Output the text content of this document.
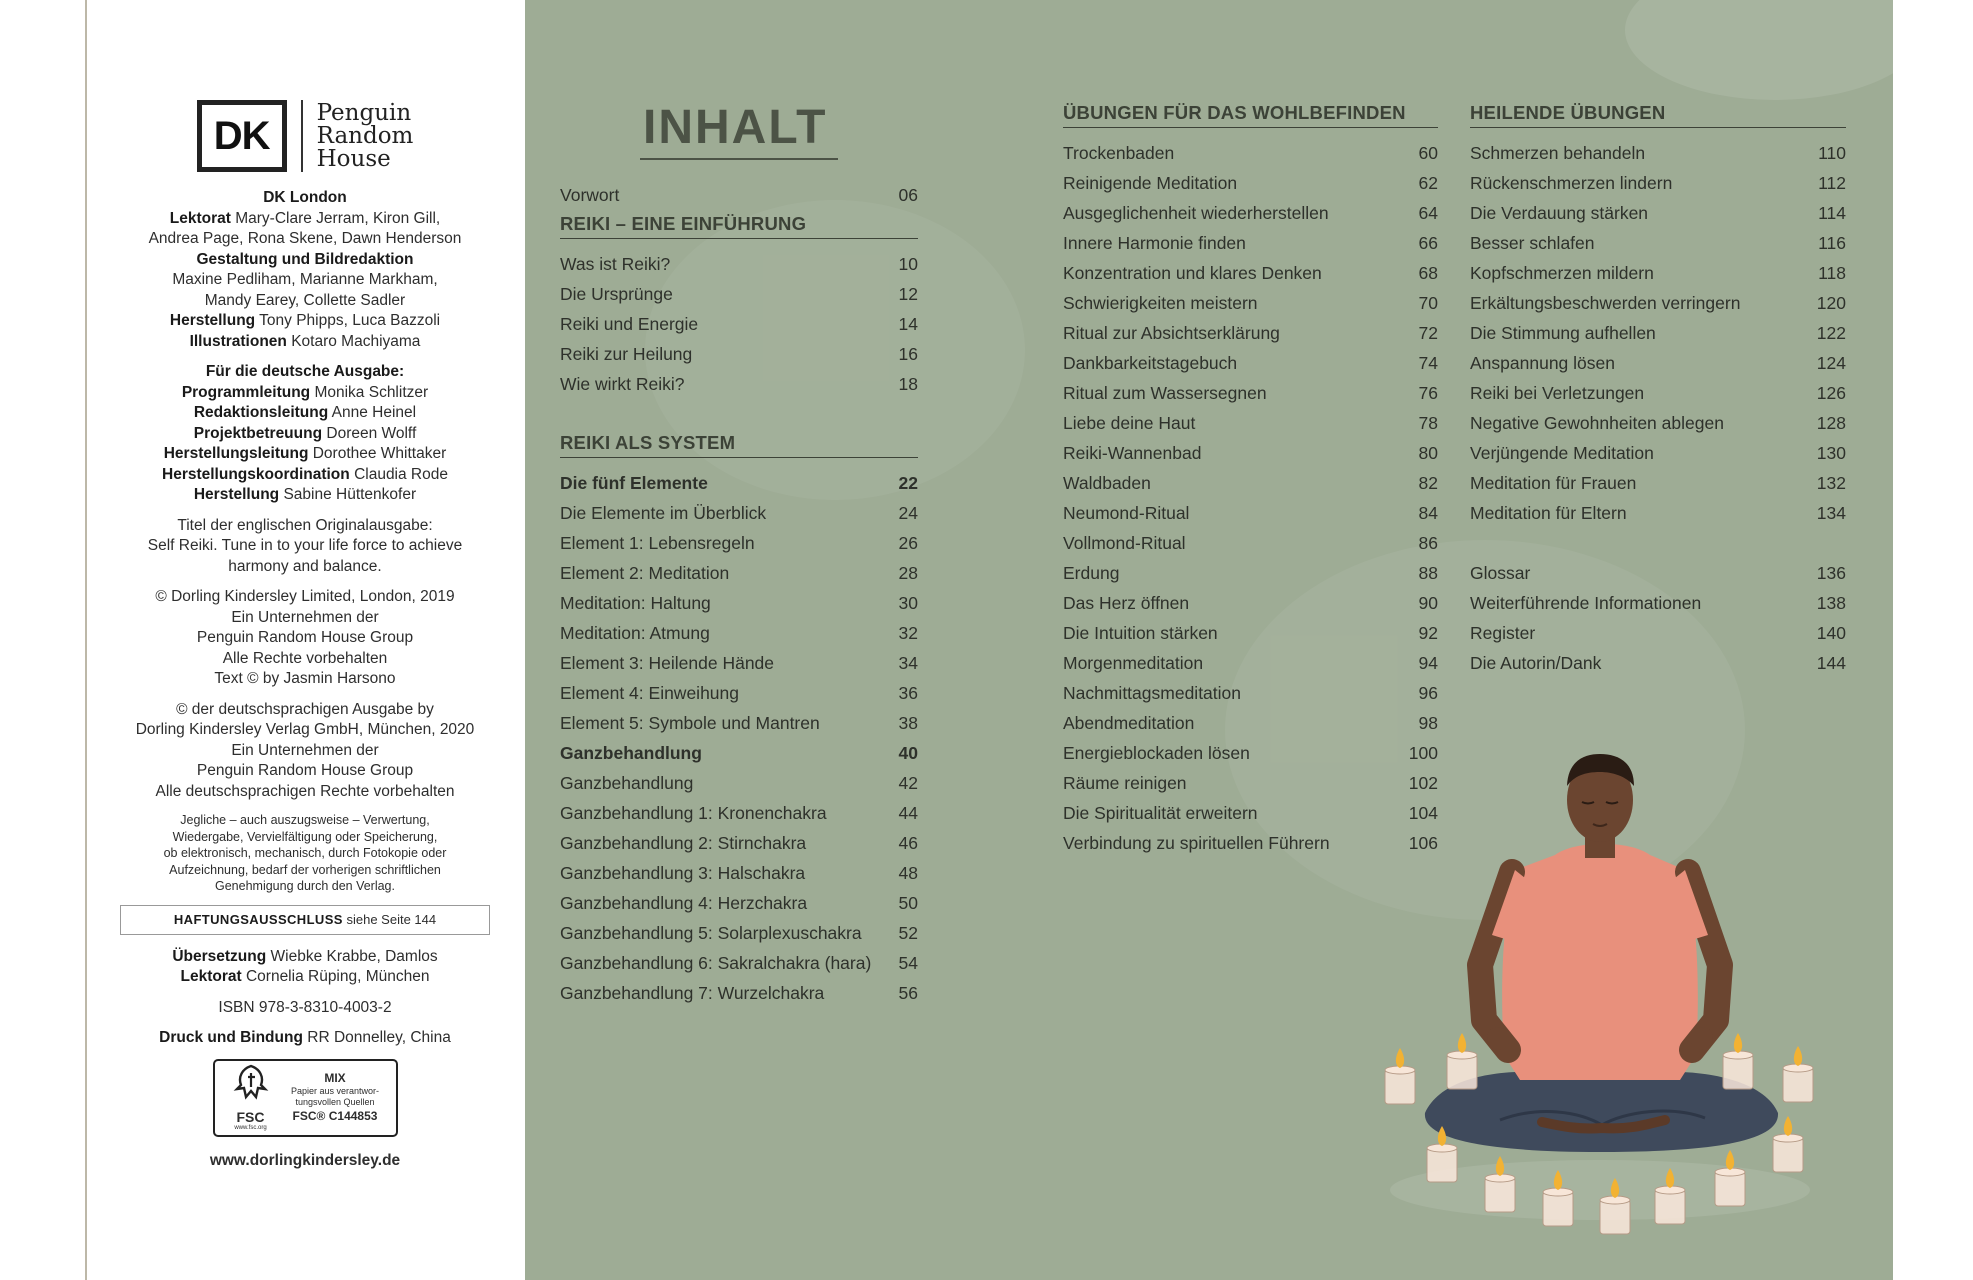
DK
Penguin
Random
House

DK London
Lektorat Mary-Clare Jerram, Kiron Gill,
Andrea Page, Rona Skene, Dawn Henderson
Gestaltung und Bildredaktion
Maxine Pedliham, Marianne Markham,
Mandy Earey, Collette Sadler
Herstellung Tony Phipps, Luca Bazzoli
Illustrationen Kotaro Machiyama

Für die deutsche Ausgabe:
Programmleitung Monika Schlitzer
Redaktionsleitung Anne Heinel
Projektbetreuung Doreen Wolff
Herstellungsleitung Dorothee Whittaker
Herstellungskoordination Claudia Rode
Herstellung Sabine Hüttenkofer

Titel der englischen Originalausgabe:
Self Reiki. Tune in to your life force to achieve
harmony and balance.

© Dorling Kindersley Limited, London, 2019
Ein Unternehmen der
Penguin Random House Group
Alle Rechte vorbehalten
Text © by Jasmin Harsono

© der deutschsprachigen Ausgabe by
Dorling Kindersley Verlag GmbH, München, 2020
Ein Unternehmen der
Penguin Random House Group
Alle deutschsprachigen Rechte vorbehalten

Jegliche – auch auszugsweise – Verwertung,
Wiedergabe, Vervielfältigung oder Speicherung,
ob elektronisch, mechanisch, durch Fotokopie oder
Aufzeichnung, bedarf der vorherigen schriftlichen
Genehmigung durch den Verlag.

HAFTUNGSAUSSCHLUSS siehe Seite 144

Übersetzung Wiebke Krabbe, Damlos
Lektorat Cornelia Rüping, München

ISBN 978-3-8310-4003-2

Druck und Bindung RR Donnelley, China

FSC
www.fsc.org
MIX
Papier aus verantwor-
tungsvollen Quellen
FSC® C144853

www.dorlingkindersley.de

INHALT
Vorwort	06
REIKI – EINE EINFÜHRUNG
Was ist Reiki?	10
Die Ursprünge	12
Reiki und Energie	14
Reiki zur Heilung	16
Wie wirkt Reiki?	18
REIKI ALS SYSTEM
Die fünf Elemente	22
Die Elemente im Überblick	24
Element 1: Lebensregeln	26
Element 2: Meditation	28
Meditation: Haltung	30
Meditation: Atmung	32
Element 3: Heilende Hände	34
Element 4: Einweihung	36
Element 5: Symbole und Mantren	38
Ganzbehandlung	40
Ganzbehandlung	42
Ganzbehandlung 1: Kronenchakra	44
Ganzbehandlung 2: Stirnchakra	46
Ganzbehandlung 3: Halschakra	48
Ganzbehandlung 4: Herzchakra	50
Ganzbehandlung 5: Solarplexuschakra 52
Ganzbehandlung 6: Sakralchakra (hara) 54
Ganzbehandlung 7: Wurzelchakra	56
ÜBUNGEN FÜR DAS WOHLBEFINDEN
Trockenbaden	60
Reinigende Meditation	62
Ausgeglichenheit wiederherstellen	64
Innere Harmonie finden	66
Konzentration und klares Denken	68
Schwierigkeiten meistern	70
Ritual zur Absichtserklärung	72
Dankbarkeitstagebuch	74
Ritual zum Wassersegnen	76
Liebe deine Haut	78
Reiki-Wannenbad	80
Waldbaden	82
Neumond-Ritual	84
Vollmond-Ritual	86
Erdung	88
Das Herz öffnen	90
Die Intuition stärken	92
Morgenmeditation	94
Nachmittagsmeditation	96
Abendmeditation	98
Energieblockaden lösen	100
Räume reinigen	102
Die Spiritualität erweitern	104
Verbindung zu spirituellen Führern	106
HEILENDE ÜBUNGEN
Schmerzen behandeln	110
Rückenschmerzen lindern	112
Die Verdauung stärken	114
Besser schlafen	116
Kopfschmerzen mildern	118
Erkältungsbeschwerden verringern	120
Die Stimmung aufhellen	122
Anspannung lösen	124
Reiki bei Verletzungen	126
Negative Gewohnheiten ablegen	128
Verjüngende Meditation	130
Meditation für Frauen	132
Meditation für Eltern	134
Glossar	136
Weiterführende Informationen	138
Register	140
Die Autorin/Dank	144
